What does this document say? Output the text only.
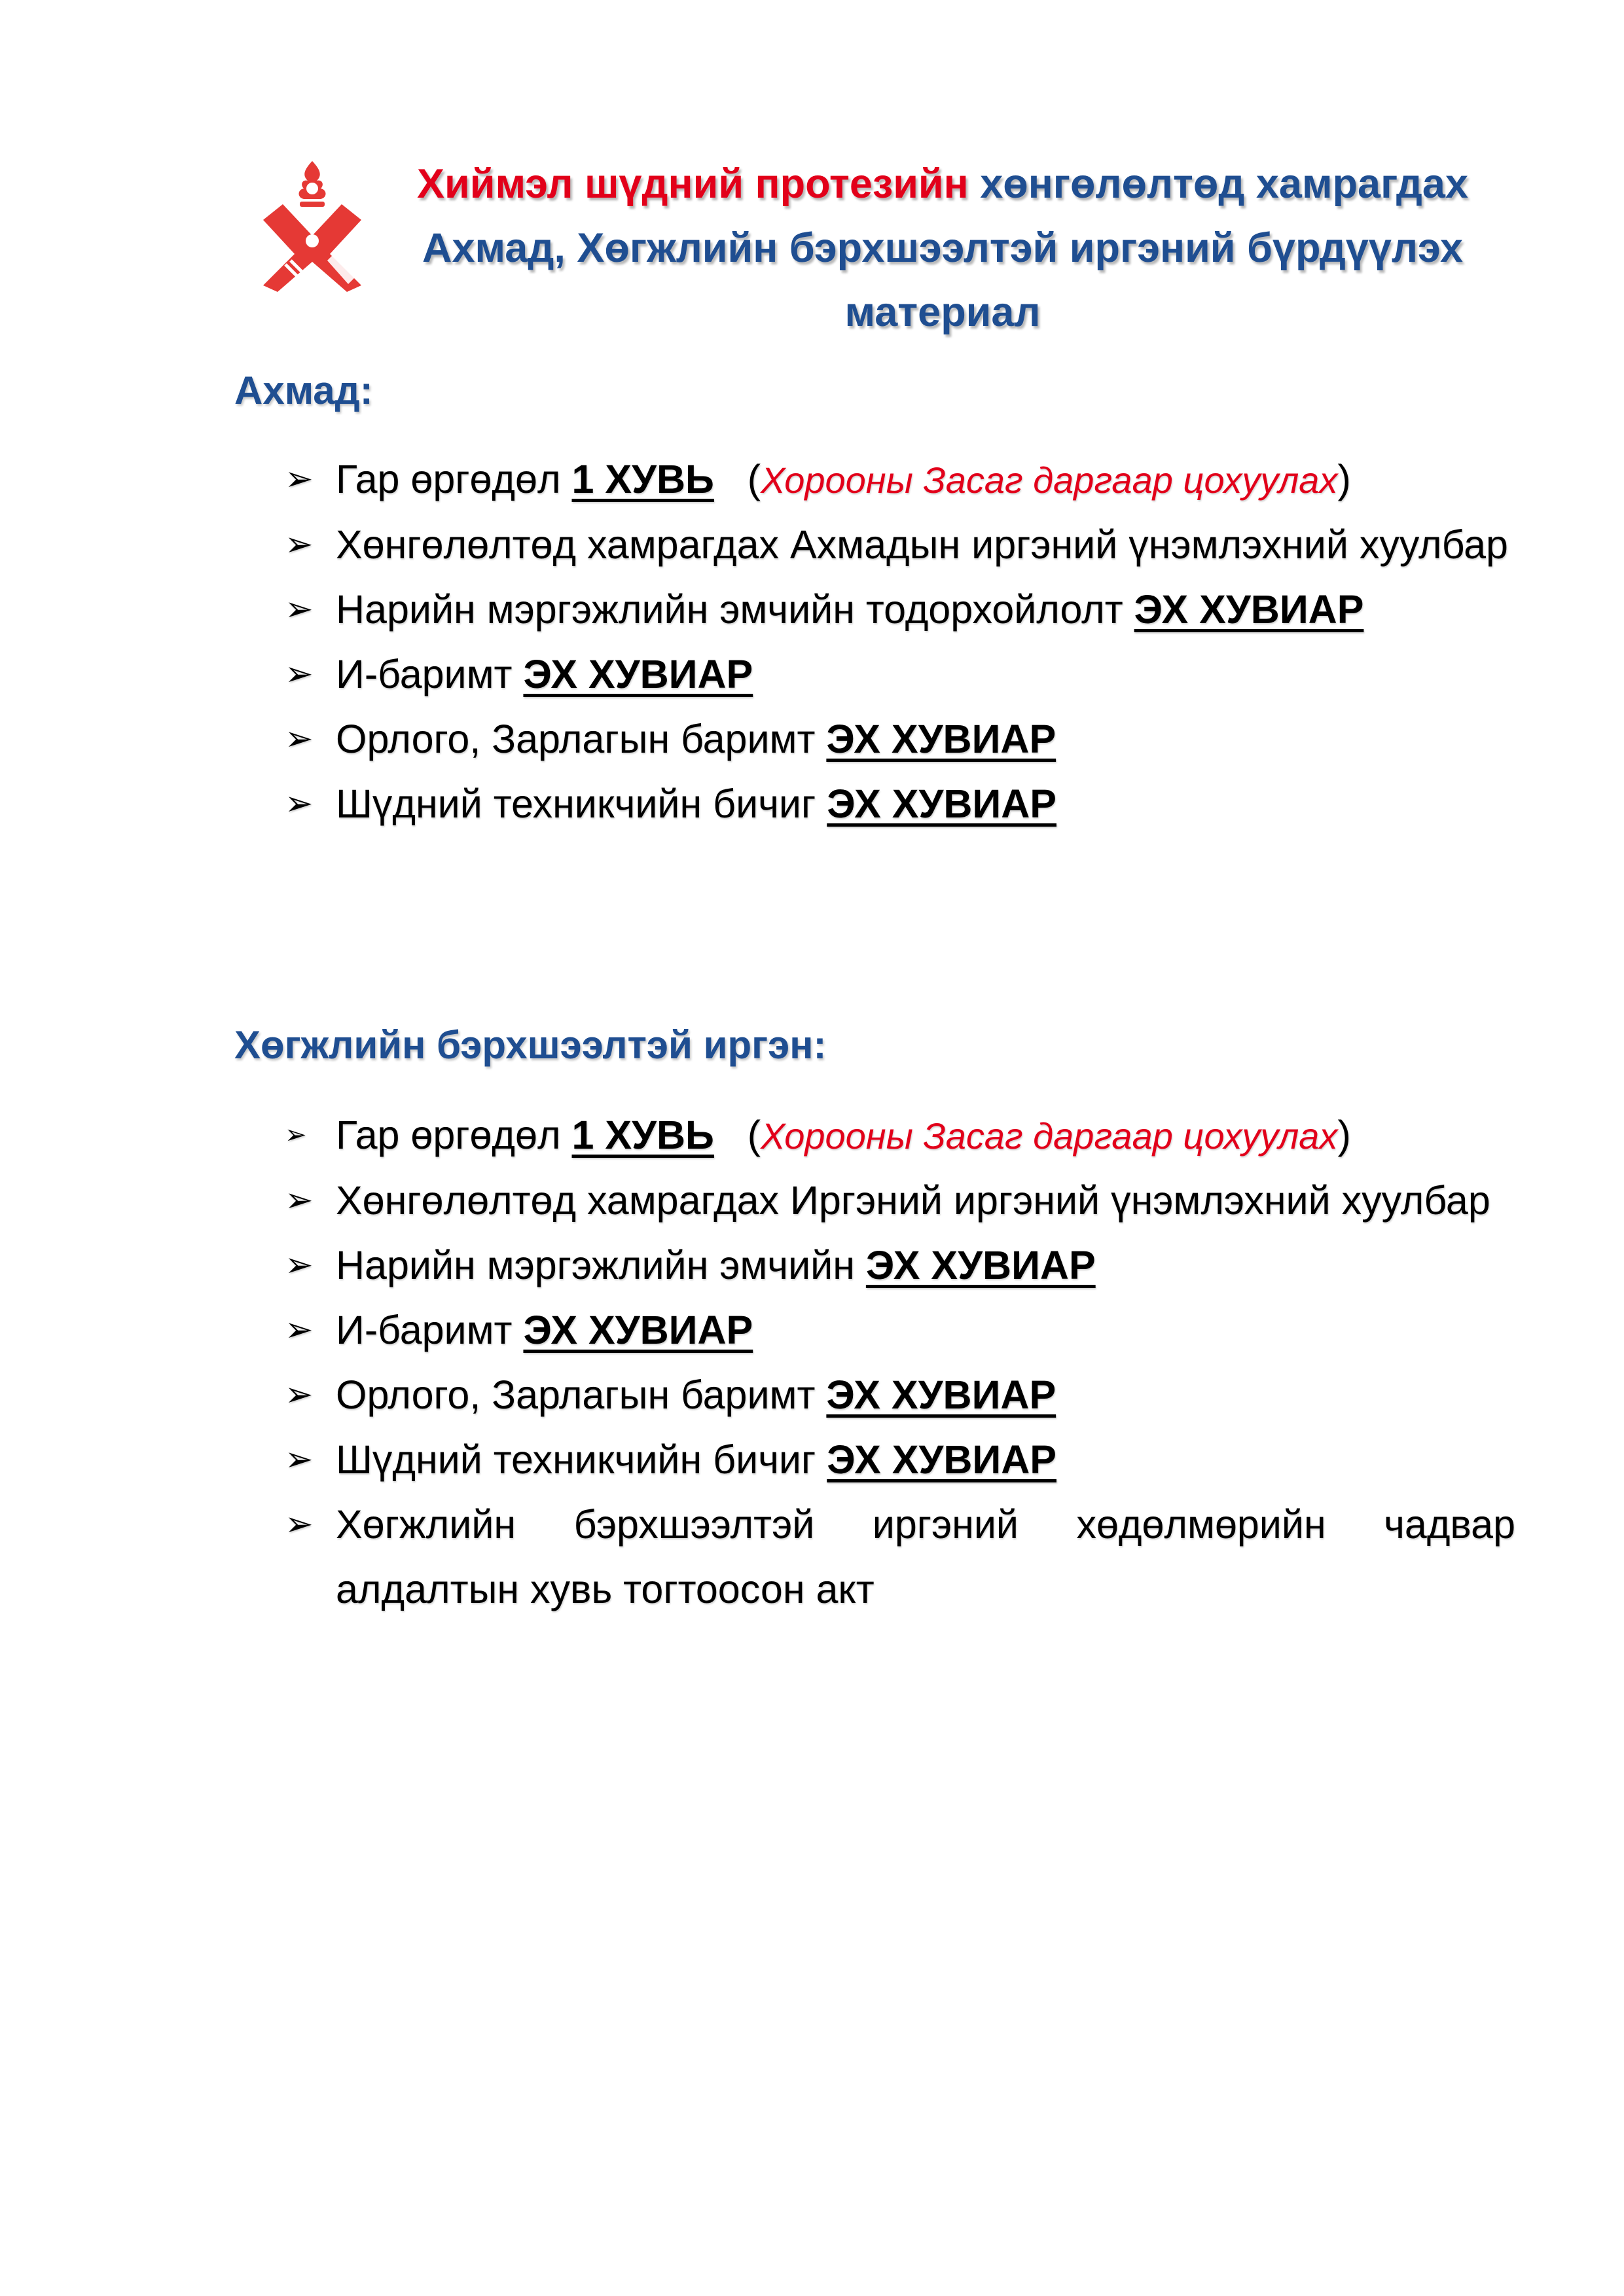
Хиймэл шүдний протезийн хөнгөлөлтөд хамрагдах
Ахмад, Хөгжлийн бэрхшээлтэй иргэний бүрдүүлэх
материал
Ахмад:
➢ Гар өргөдөл 1 ХУВЬ (Хорооны Засаг даргаар цохуулах)
➢ Хөнгөлөлтөд хамрагдах Ахмадын иргэний үнэмлэхний хуулбар
➢ Нарийн мэргэжлийн эмчийн тодорхойлолт ЭХ ХУВИАР
➢ И-баримт ЭХ ХУВИАР
➢ Орлого, Зарлагын баримт ЭХ ХУВИАР
➢ Шүдний техникчийн бичиг ЭХ ХУВИАР
Хөгжлийн бэрхшээлтэй иргэн:
➢ Гар өргөдөл 1 ХУВЬ (Хорооны Засаг даргаар цохуулах)
➢ Хөнгөлөлтөд хамрагдах Иргэний иргэний үнэмлэхний хуулбар
➢ Нарийн мэргэжлийн эмчийн ЭХ ХУВИАР
➢ И-баримт ЭХ ХУВИАР
➢ Орлого, Зарлагын баримт ЭХ ХУВИАР
➢ Шүдний техникчийн бичиг ЭХ ХУВИАР
➢ Хөгжлийн бэрхшээлтэй иргэний хөдөлмөрийн чадвар алдалтын хувь тогтоосон акт
